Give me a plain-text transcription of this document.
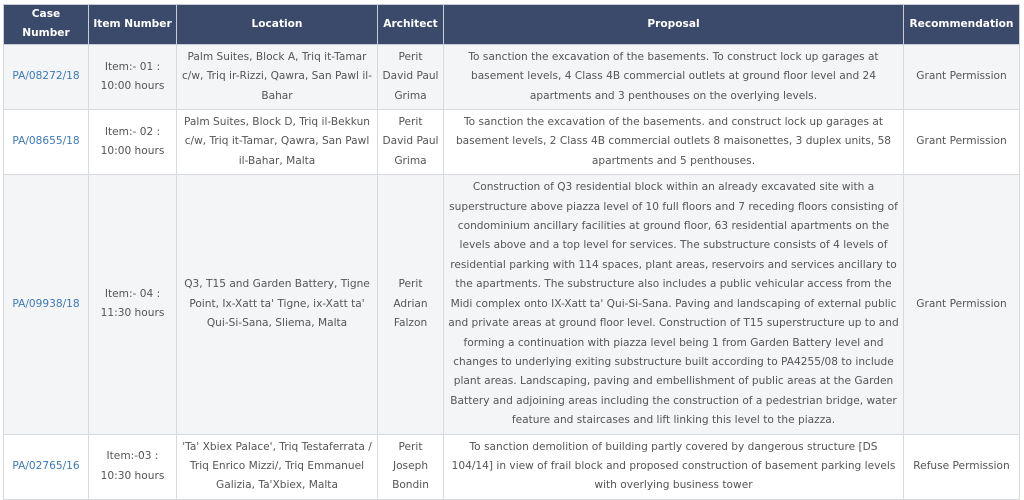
Case Number	Item Number	Location	Architect	Proposal	Recommendation
PA/08272/18	Item:- 01 : 10:00 hours	Palm Suites, Block A, Triq it-Tamar c/w, Triq ir-Rizzi, Qawra, San Pawl il-Bahar	Perit David Paul Grima	To sanction the excavation of the basements. To construct lock up garages at basement levels, 4 Class 4B commercial outlets at ground floor level and 24 apartments and 3 penthouses on the overlying levels.	Grant Permission
PA/08655/18	Item:- 02 : 10:00 hours	Palm Suites, Block D, Triq il-Bekkun c/w, Triq it-Tamar, Qawra, San Pawl il-Bahar, Malta	Perit David Paul Grima	To sanction the excavation of the basements. and construct lock up garages at basement levels, 2 Class 4B commercial outlets 8 maisonettes, 3 duplex units, 58 apartments and 5 penthouses.	Grant Permission
PA/09938/18	Item:- 04 : 11:30 hours	Q3, T15 and Garden Battery, Tigne Point, Ix-Xatt ta' Tigne, ix-Xatt ta' Qui-Si-Sana, Sliema, Malta	Perit Adrian Falzon	Construction of Q3 residential block within an already excavated site with a superstructure above piazza level of 10 full floors and 7 receding floors consisting of condominium ancillary facilities at ground floor, 63 residential apartments on the levels above and a top level for services. The substructure consists of 4 levels of residential parking with 114 spaces, plant areas, reservoirs and services ancillary to the apartments. The substructure also includes a public vehicular access from the Midi complex onto IX-Xatt ta' Qui-Si-Sana. Paving and landscaping of external public and private areas at ground floor level. Construction of T15 superstructure up to and forming a continuation with piazza level being 1 from Garden Battery level and changes to underlying exiting substructure built according to PA4255/08 to include plant areas. Landscaping, paving and embellishment of public areas at the Garden Battery and adjoining areas including the construction of a pedestrian bridge, water feature and staircases and lift linking this level to the piazza.	Grant Permission
PA/02765/16	Item:-03 : 10:30 hours	'Ta' Xbiex Palace', Triq Testaferrata / Triq Enrico Mizzi/, Triq Emmanuel Galizia, Ta'Xbiex, Malta	Perit Joseph Bondin	To sanction demolition of building partly covered by dangerous structure [DS 104/14] in view of frail block and proposed construction of basement parking levels with overlying business tower	Refuse Permission
